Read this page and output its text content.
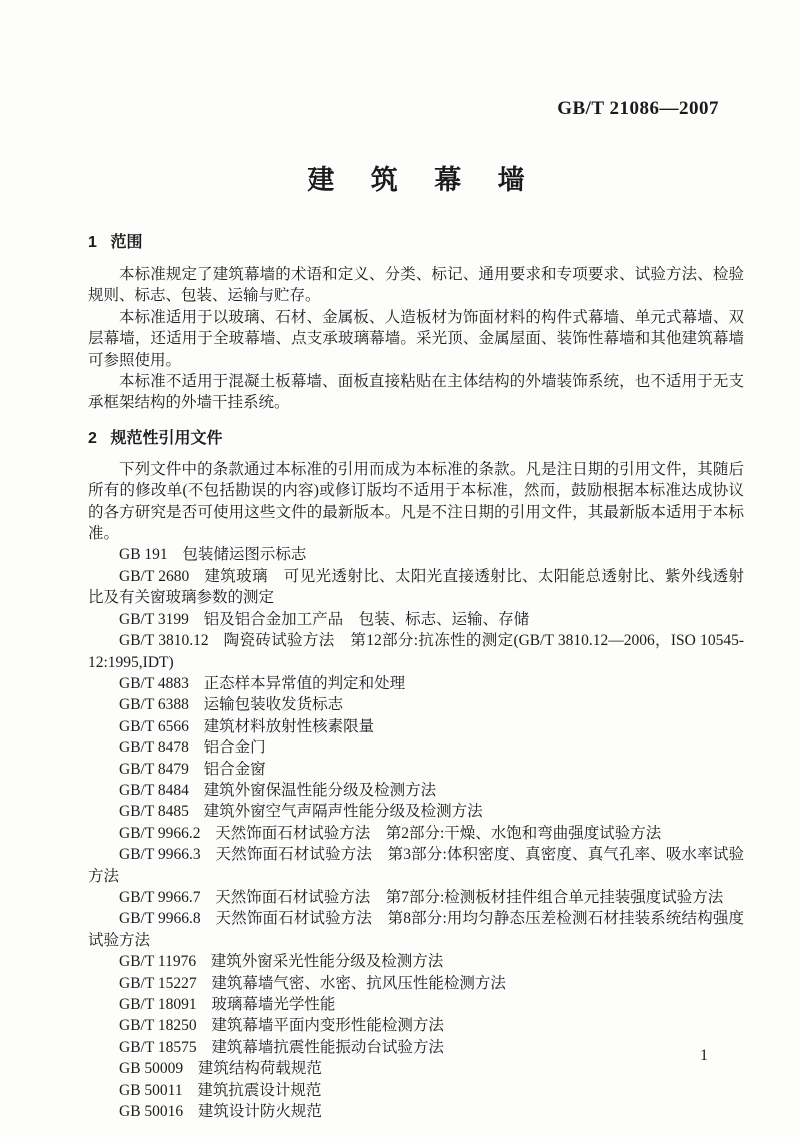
GB/T 21086—2007
建筑幕墙
1 范围

本标准规定了建筑幕墙的术语和定义、分类、标记、通用要求和专项要求、试验方法、检验规则、标志、包装、运输与贮存。

本标准适用于以玻璃、石材、金属板、人造板材为饰面材料的构件式幕墙、单元式幕墙、双层幕墙，还适用于全玻幕墙、点支承玻璃幕墙。采光顶、金属屋面、装饰性幕墙和其他建筑幕墙可参照使用。

本标准不适用于混凝土板幕墙、面板直接粘贴在主体结构的外墙装饰系统，也不适用于无支承框架结构的外墙干挂系统。

2 规范性引用文件

下列文件中的条款通过本标准的引用而成为本标准的条款。凡是注日期的引用文件，其随后所有的修改单(不包括勘误的内容)或修订版均不适用于本标准，然而，鼓励根据本标准达成协议的各方研究是否可使用这些文件的最新版本。凡是不注日期的引用文件，其最新版本适用于本标准。

GB 191 包装储运图示标志

GB/T 2680 建筑玻璃　可见光透射比、太阳光直接透射比、太阳能总透射比、紫外线透射比及有关窗玻璃参数的测定

GB/T 3199 铝及铝合金加工产品　包装、标志、运输、存储

GB/T 3810.12 陶瓷砖试验方法　第12部分:抗冻性的测定(GB/T 3810.12—2006，ISO 10545-12:1995,IDT)

GB/T 4883 正态样本异常值的判定和处理

GB/T 6388 运输包装收发货标志

GB/T 6566 建筑材料放射性核素限量

GB/T 8478 铝合金门

GB/T 8479 铝合金窗

GB/T 8484 建筑外窗保温性能分级及检测方法

GB/T 8485 建筑外窗空气声隔声性能分级及检测方法

GB/T 9966.2 天然饰面石材试验方法　第2部分:干燥、水饱和弯曲强度试验方法

GB/T 9966.3 天然饰面石材试验方法　第3部分:体积密度、真密度、真气孔率、吸水率试验方法

GB/T 9966.7 天然饰面石材试验方法　第7部分:检测板材挂件组合单元挂装强度试验方法

GB/T 9966.8 天然饰面石材试验方法　第8部分:用均匀静态压差检测石材挂装系统结构强度试验方法

GB/T 11976 建筑外窗采光性能分级及检测方法

GB/T 15227 建筑幕墙气密、水密、抗风压性能检测方法

GB/T 18091 玻璃幕墙光学性能

GB/T 18250 建筑幕墙平面内变形性能检测方法

GB/T 18575 建筑幕墙抗震性能振动台试验方法

GB 50009 建筑结构荷载规范

GB 50011 建筑抗震设计规范

GB 50016 建筑设计防火规范

1
